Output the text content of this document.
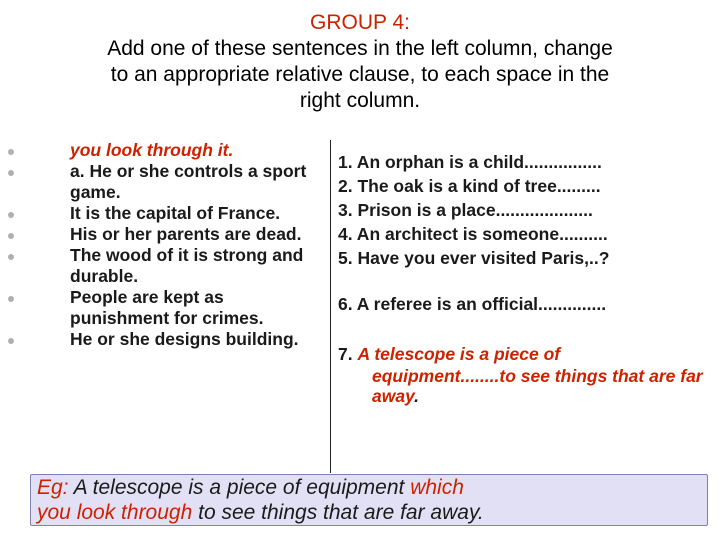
GROUP 4:
Add one of these sentences in the left column, change
to an appropriate relative clause, to each space in the
right column.
you look through it.
a. He or she controls a sport game.
It is the capital of France.
His or her parents are dead.
The wood of it is strong and durable.
People are kept as punishment for crimes.
He or she designs building.
1. An orphan is a child................
2. The oak is a kind of tree.........
3. Prison is a place....................
4. An architect is someone..........
5. Have you ever visited Paris,..?
6. A referee is an official..............
7. A telescope is a piece of
equipment........to see things that are far away.
Eg: A telescope is a piece of equipment which
you look through to see things that are far away.
